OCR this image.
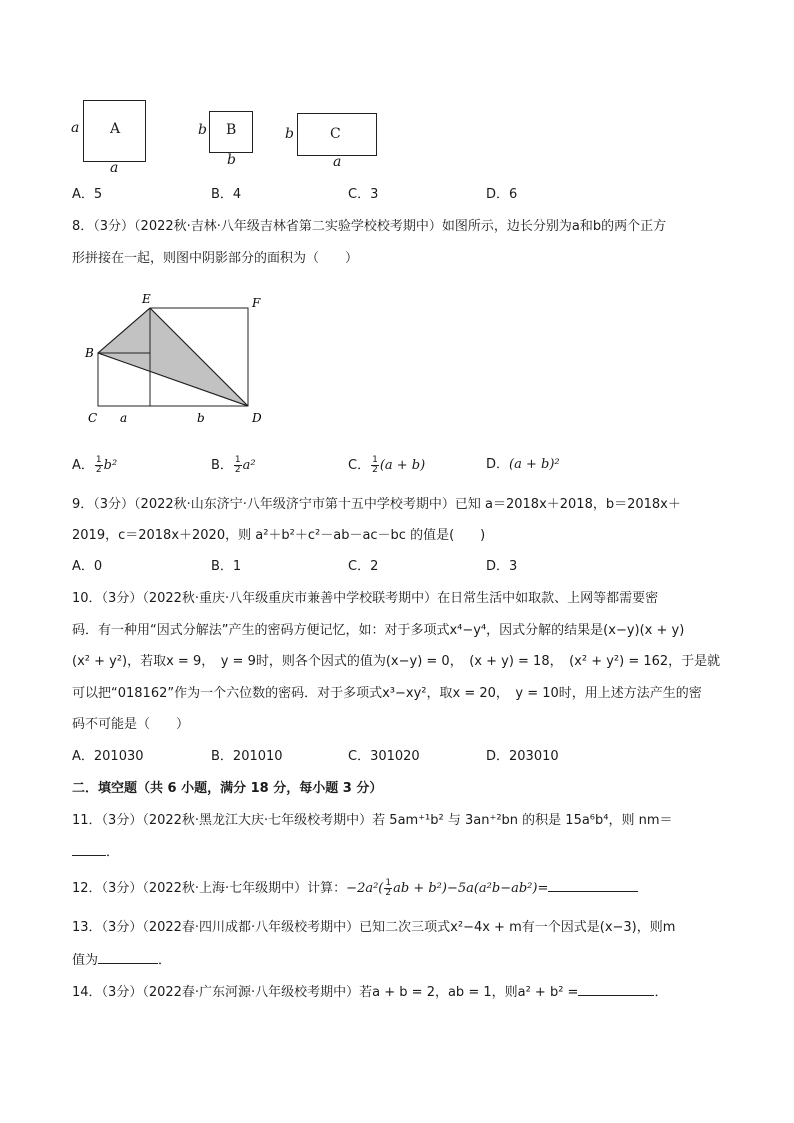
A
a
a
B
b
b
C
b
a
A．5	B．4	C．3	D．6
8．（3分）（2022秋·吉林·八年级吉林省第二实验学校校考期中）如图所示，边长分别为a和b的两个正方
形拼接在一起，则图中阴影部分的面积为（　　）
E	F
B
C	D
a	b
A． $\frac{1}{2} b^2$	B． $\frac{1}{2} a^2$	C． $\frac{1}{2} (a + b)$	D．(a + b)²
9．（3分）（2022秋·山东济宁·八年级济宁市第十五中学校考期中）已知 a＝2018x＋2018，b＝2018x＋
2019，c＝2018x＋2020，则 a²＋b²＋c²－ab－ac－bc 的值是(　　)
A．0	B．1	C．2	D．3
10．（3分）（2022秋·重庆·八年级重庆市兼善中学校联考期中）在日常生活中如取款、上网等都需要密
码．有一种用“因式分解法”产生的密码方便记忆，如：对于多项式x⁴−y⁴，因式分解的结果是(x−y)(x + y)
(x² + y²)，若取x = 9，　y = 9时，则各个因式的值为(x−y) = 0，　(x + y) = 18，　(x² + y²) = 162，于是就
可以把“018162”作为一个六位数的密码．对于多项式x³−xy²，取x = 20，　y = 10时，用上述方法产生的密
码不可能是（　　）
A．201030	B．201010	C．301020	D．203010
二．填空题（共 6 小题，满分 18 分，每小题 3 分）
11．（3分）（2022秋·黑龙江大庆·七年级校考期中）若 5am⁺¹b² 与 3an⁺²bn 的积是 15a⁶b⁴，则 nm＝
．
12．（3分）（2022秋·上海·七年级期中）计算：$-2a^2( \frac{1}{2}$ ab + b²)−5a(a²b−ab²)=
13．（3分）（2022春·四川成都·八年级校考期中）已知二次三项式x²−4x + m有一个因式是(x−3)，则m
值为	．
14．（3分）（2022春·广东河源·八年级校考期中）若a + b = 2，ab = 1，则a² + b² =	．
